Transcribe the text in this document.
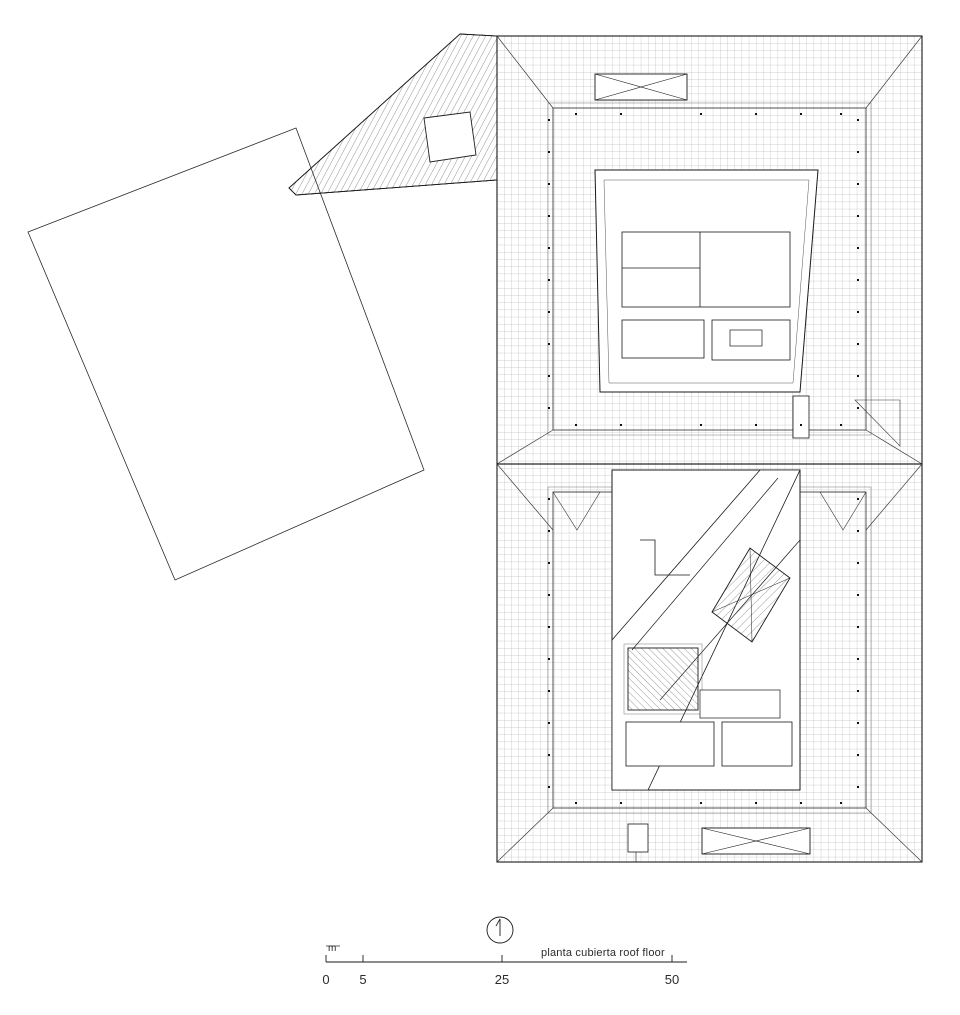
planta cubierta roof floor
m
0 5	25	50
